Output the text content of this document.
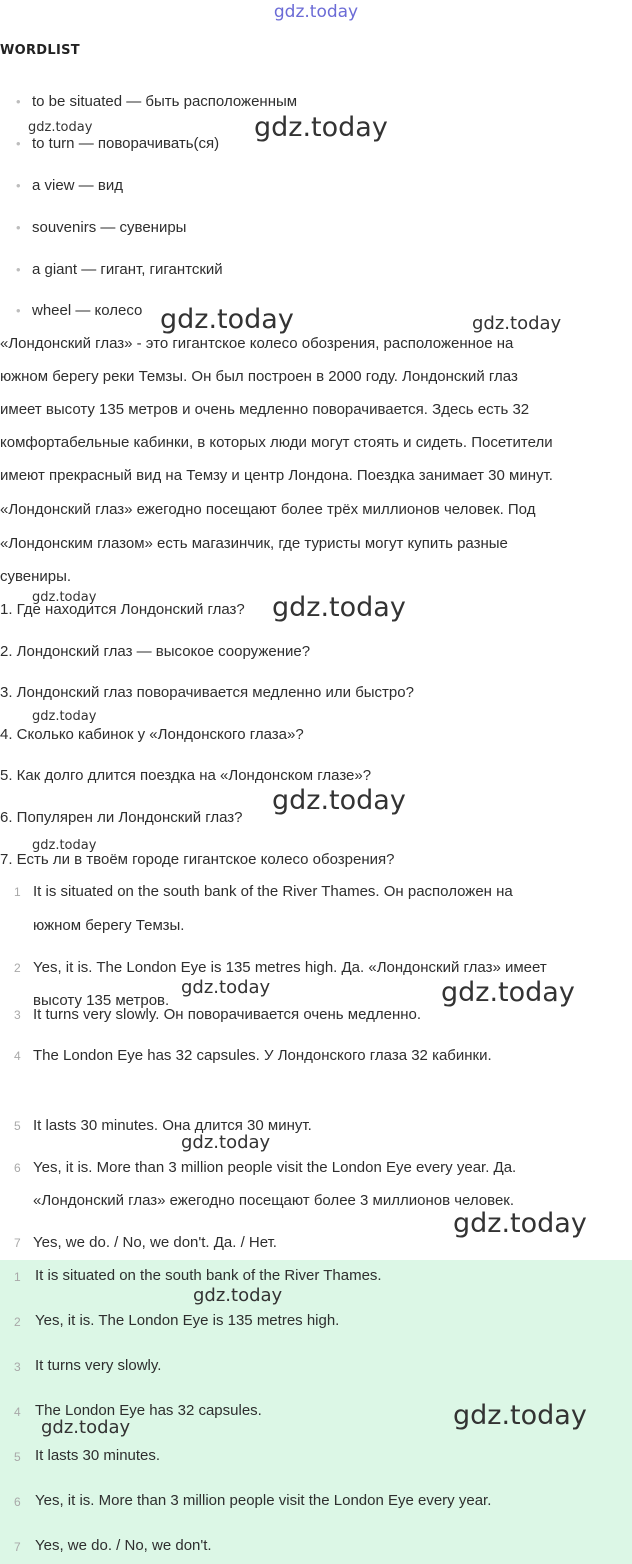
gdz.today
WORDLIST
• to be situated — быть расположенным
• to turn — поворачивать(ся)
• a view — вид
• souvenirs — сувениры
• a giant — гигант, гигантский
• wheel — колесо
«Лондонский глаз» - это гигантское колесо обозрения, расположенное на
южном берегу реки Темзы. Он был построен в 2000 году. Лондонский глаз
имеет высоту 135 метров и очень медленно поворачивается. Здесь есть 32
комфортабельные кабинки, в которых люди могут стоять и сидеть. Посетители
имеют прекрасный вид на Темзу и центр Лондона. Поездка занимает 30 минут.
«Лондонский глаз» ежегодно посещают более трёх миллионов человек. Под
«Лондонским глазом» есть магазинчик, где туристы могут купить разные
сувениры.
1. Где находится Лондонский глаз?
2. Лондонский глаз — высокое сооружение?
3. Лондонский глаз поворачивается медленно или быстро?
4. Сколько кабинок у «Лондонского глаза»?
5. Как долго длится поездка на «Лондонском глазе»?
6. Популярен ли Лондонский глаз?
7. Есть ли в твоём городе гигантское колесо обозрения?
1 It is situated on the south bank of the River Thames. Он расположен на
южном берегу Темзы.
2 Yes, it is. The London Eye is 135 metres high. Да. «Лондонский глаз» имеет
высоту 135 метров.
3 It turns very slowly. Он поворачивается очень медленно.
4 The London Eye has 32 capsules. У Лондонского глаза 32 кабинки.
5 It lasts 30 minutes. Она длится 30 минут.
6 Yes, it is. More than 3 million people visit the London Eye every year. Да.
«Лондонский глаз» ежегодно посещают более 3 миллионов человек.
7 Yes, we do. / No, we don't. Да. / Нет.
1 It is situated on the south bank of the River Thames.
2 Yes, it is. The London Eye is 135 metres high.
3 It turns very slowly.
4 The London Eye has 32 capsules.
5 It lasts 30 minutes.
6 Yes, it is. More than 3 million people visit the London Eye every year.
7 Yes, we do. / No, we don't.
gdz.today	gdz.today
gdz.today	gdz.today
gdz.today	gdz.today
gdz.today
gdz.today
gdz.today
gdz.today	gdz.today
gdz.today
gdz.today
gdz.today
gdz.today
gdz.today
